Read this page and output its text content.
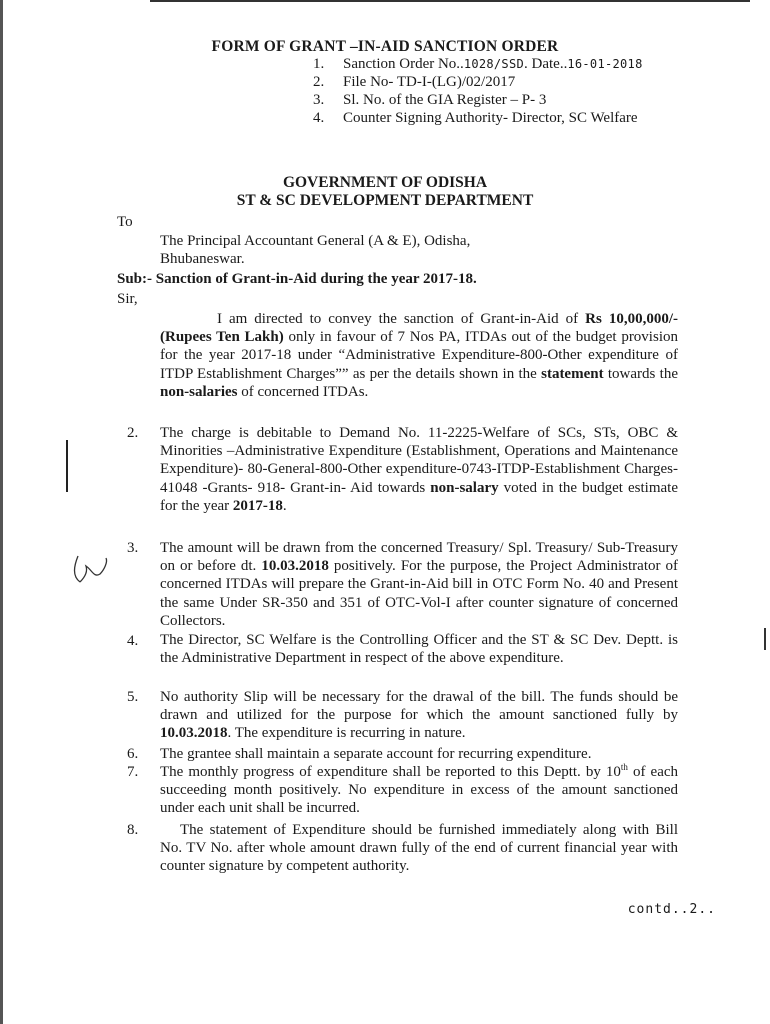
FORM OF GRANT –IN-AID SANCTION ORDER
1.	Sanction Order No..1028/SSD. Date..16-01-2018
2.	File No- TD-I-(LG)/02/2017
3.	Sl. No. of the GIA Register – P- 3
4.	Counter Signing Authority- Director, SC Welfare
GOVERNMENT OF ODISHA
ST & SC DEVELOPMENT DEPARTMENT
To
The Principal Accountant General (A & E), Odisha,
Bhubaneswar.
Sub:- Sanction of Grant-in-Aid during the year 2017-18.
Sir,
I am directed to convey the sanction of Grant-in-Aid of Rs 10,00,000/-(Rupees Ten Lakh) only in favour of 7 Nos PA, ITDAs out of the budget provision for the year 2017-18 under “Administrative Expenditure-800-Other expenditure of ITDP Establishment Charges”” as per the details shown in the statement towards the non-salaries of concerned ITDAs.
2. The charge is debitable to Demand No. 11-2225-Welfare of SCs, STs, OBC & Minorities –Administrative Expenditure (Establishment, Operations and Maintenance Expenditure)- 80-General-800-Other expenditure-0743-ITDP-Establishment Charges- 41048 -Grants- 918- Grant-in- Aid towards non-salary voted in the budget estimate for the year 2017-18.
3. The amount will be drawn from the concerned Treasury/ Spl. Treasury/ Sub-Treasury on or before dt. 10.03.2018 positively. For the purpose, the Project Administrator of concerned ITDAs will prepare the Grant-in-Aid bill in OTC Form No. 40 and Present the same Under SR-350 and 351 of OTC-Vol-I after counter signature of concerned Collectors.
4. The Director, SC Welfare is the Controlling Officer and the ST & SC Dev. Deptt. is the Administrative Department in respect of the above expenditure.
5. No authority Slip will be necessary for the drawal of the bill. The funds should be drawn and utilized for the purpose for which the amount sanctioned fully by 10.03.2018. The expenditure is recurring in nature.
6. The grantee shall maintain a separate account for recurring expenditure.
7. The monthly progress of expenditure shall be reported to this Deptt. by 10th of each succeeding month positively. No expenditure in excess of the amount sanctioned under each unit shall be incurred.
8.	The statement of Expenditure should be furnished immediately along with Bill No. TV No. after whole amount drawn fully of the end of current financial year with counter signature by competent authority.
contd..2..
